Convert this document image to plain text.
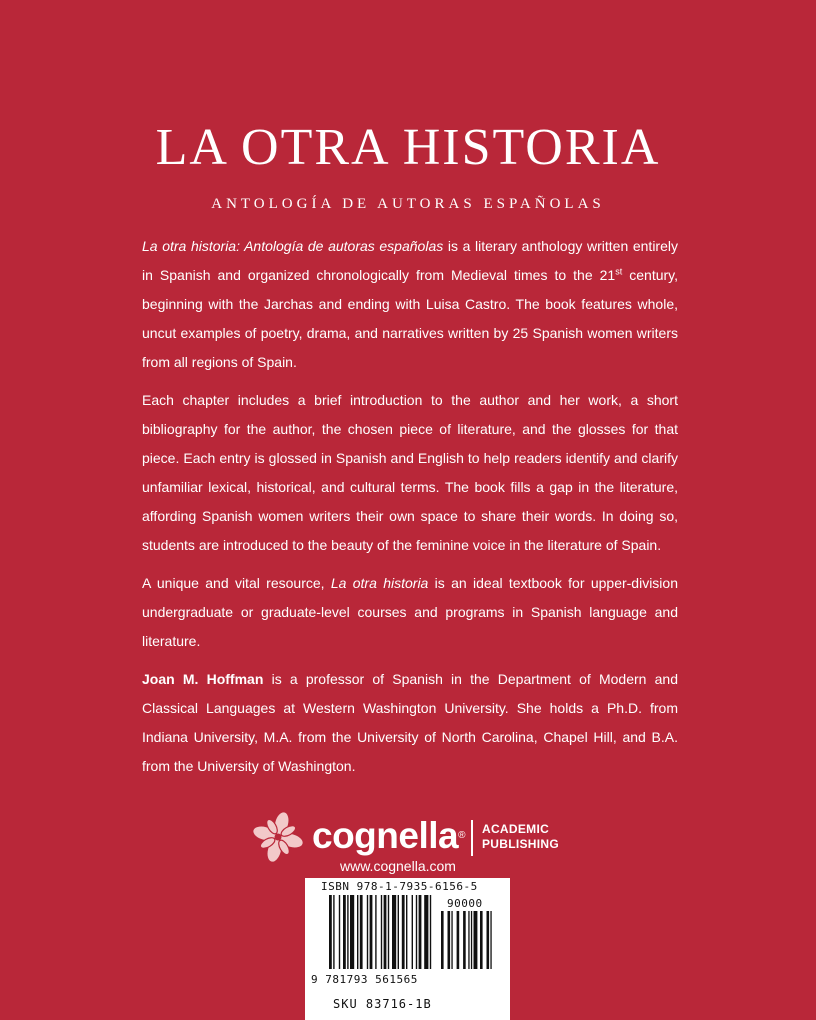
LA OTRA HISTORIA
ANTOLOGÍA DE AUTORAS ESPAÑOLAS

La otra historia: Antología de autoras españolas is a literary anthology written entirely in Spanish and organized chronologically from Medieval times to the 21st century, beginning with the Jarchas and ending with Luisa Castro. The book features whole, uncut examples of poetry, drama, and narratives written by 25 Spanish women writers from all regions of Spain.

Each chapter includes a brief introduction to the author and her work, a short bibliography for the author, the chosen piece of literature, and the glosses for that piece. Each entry is glossed in Spanish and English to help readers identify and clarify unfamiliar lexical, historical, and cultural terms. The book fills a gap in the literature, affording Spanish women writers their own space to share their words. In doing so, students are introduced to the beauty of the feminine voice in the literature of Spain.

A unique and vital resource, La otra historia is an ideal textbook for upper-division undergraduate or graduate-level courses and programs in Spanish language and literature.

Joan M. Hoffman is a professor of Spanish in the Department of Modern and Classical Languages at Western Washington University. She holds a Ph.D. from Indiana University, M.A. from the University of North Carolina, Chapel Hill, and B.A. from the University of Washington.

cognella® ACADEMIC
PUBLISHING
www.cognella.com
ISBN 978-1-7935-6156-5
90000
9 781793 561565
SKU 83716-1B
